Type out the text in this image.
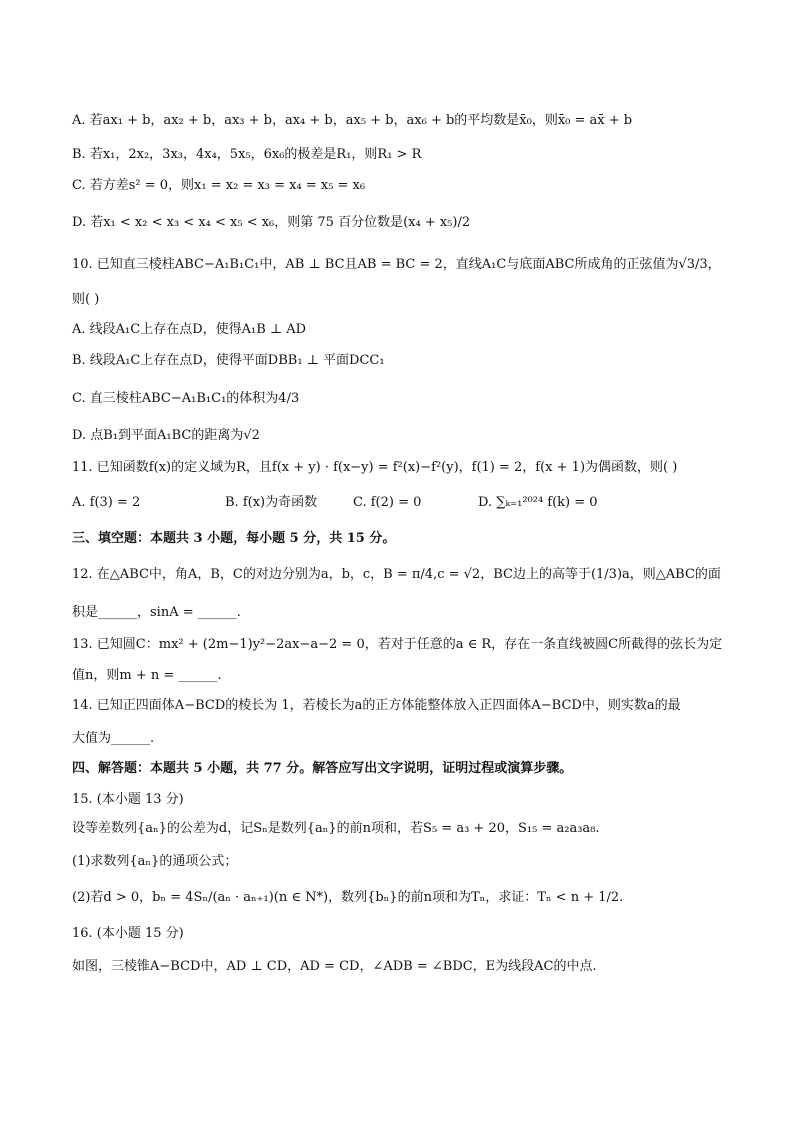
A. 若ax₁ + b，ax₂ + b，ax₃ + b，ax₄ + b，ax₅ + b，ax₆ + b的平均数是x̄₀，则x̄₀ = ax̄ + b
B. 若x₁，2x₂，3x₃，4x₄，5x₅，6x₆的极差是R₁，则R₁ > R
C. 若方差s² = 0，则x₁ = x₂ = x₃ = x₄ = x₅ = x₆
D. 若x₁ < x₂ < x₃ < x₄ < x₅ < x₆，则第 75 百分位数是(x₄ + x₅)/2
10. 已知直三棱柱ABC−A₁B₁C₁中，AB ⊥ BC且AB = BC = 2，直线A₁C与底面ABC所成角的正弦值为√3/3，
则( )
A. 线段A₁C上存在点D，使得A₁B ⊥ AD
B. 线段A₁C上存在点D，使得平面DBB₁ ⊥ 平面DCC₁
C. 直三棱柱ABC−A₁B₁C₁的体积为4/3
D. 点B₁到平面A₁BC的距离为√2
11. 已知函数f(x)的定义域为R，且f(x + y) · f(x−y) = f²(x)−f²(y)，f(1) = 2，f(x + 1)为偶函数，则( )
A. f(3) = 2	B. f(x)为奇函数	C. f(2) = 0	D. ∑ₖ₌₁²⁰²⁴ f(k) = 0
三、填空题：本题共 3 小题，每小题 5 分，共 15 分。
12. 在△ABC中，角A，B，C的对边分别为a，b，c，B = π/4,c = √2，BC边上的高等于(1/3)a，则△ABC的面
积是______，sinA = ______.
13. 已知圆C：mx² + (2m−1)y²−2ax−a−2 = 0，若对于任意的a ∈ R，存在一条直线被圆C所截得的弦长为定
值n，则m + n = ______.
14. 已知正四面体A−BCD的棱长为 1，若棱长为a的正方体能整体放入正四面体A−BCD中，则实数a的最
大值为______.
四、解答题：本题共 5 小题，共 77 分。解答应写出文字说明，证明过程或演算步骤。
15. (本小题 13 分)
设等差数列{aₙ}的公差为d，记Sₙ是数列{aₙ}的前n项和，若S₅ = a₃ + 20，S₁₅ = a₂a₃a₈.
(1)求数列{aₙ}的通项公式；
(2)若d > 0，bₙ = 4Sₙ/(aₙ · aₙ₊₁)(n ∈ N*)，数列{bₙ}的前n项和为Tₙ，求证：Tₙ < n + 1/2.
16. (本小题 15 分)
如图，三棱锥A−BCD中，AD ⊥ CD，AD = CD，∠ADB = ∠BDC，E为线段AC的中点.
